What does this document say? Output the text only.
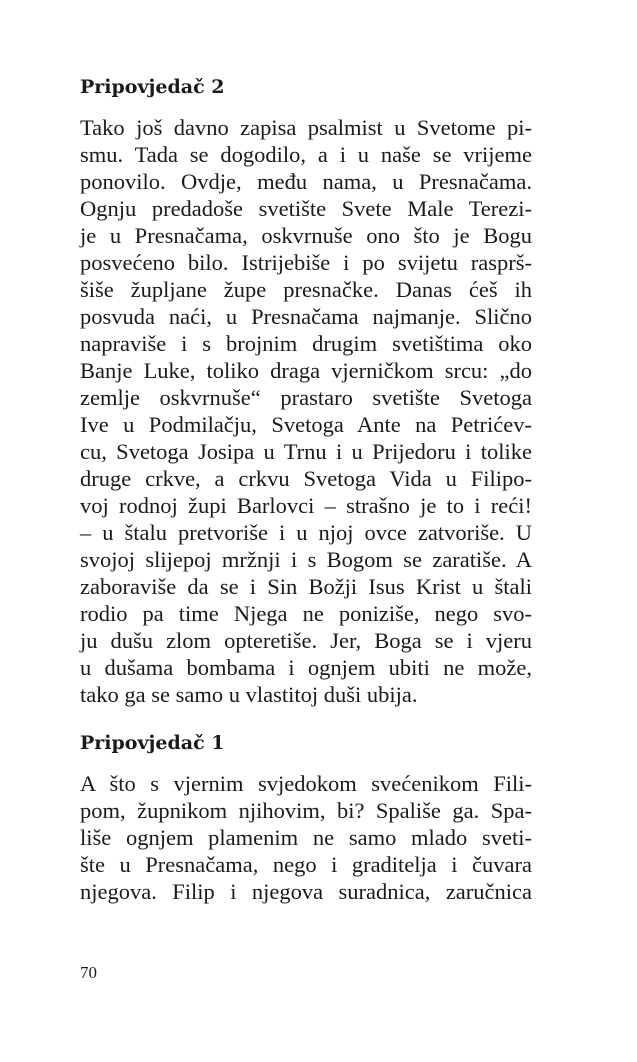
Pripovjedač 2

Tako još davno zapisa psalmist u Svetome pi-
smu. Tada se dogodilo, a i u naše se vrijeme
ponovilo. Ovdje, među nama, u Presnačama.
Ognju predadoše svetište Svete Male Terezi-
je u Presnačama, oskvrnuše ono što je Bogu
posvećeno bilo. Istrijebiše i po svijetu rasprš-
šiše župljane župe presnačke. Danas ćeš ih
posvuda naći, u Presnačama najmanje. Slično
napraviše i s brojnim drugim svetištima oko
Banje Luke, toliko draga vjerničkom srcu: „do
zemlje oskvrnuše“ prastaro svetište Svetoga
Ive u Podmilačju, Svetoga Ante na Petrićev-
cu, Svetoga Josipa u Trnu i u Prijedoru i tolike
druge crkve, a crkvu Svetoga Vida u Filipo-
voj rodnoj župi Barlovci – strašno je to i reći!
– u štalu pretvoriše i u njoj ovce zatvoriše. U
svojoj slijepoj mržnji i s Bogom se zaratiše. A
zaboraviše da se i Sin Božji Isus Krist u štali
rodio pa time Njega ne poniziše, nego svo-
ju dušu zlom opteretiše. Jer, Boga se i vjeru
u dušama bombama i ognjem ubiti ne može,
tako ga se samo u vlastitoj duši ubija.

Pripovjedač 1

A što s vjernim svjedokom svećenikom Fili-
pom, župnikom njihovim, bi? Spališe ga. Spa-
liše ognjem plamenim ne samo mlado sveti-
šte u Presnačama, nego i graditelja i čuvara
njegova. Filip i njegova suradnica, zaručnica

70
